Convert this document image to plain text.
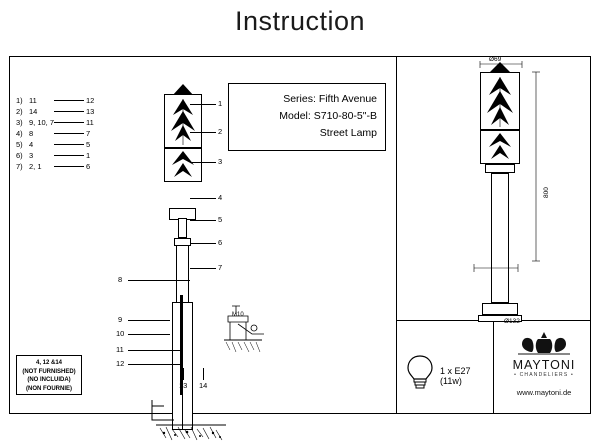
Instruction
1) 11	12
2) 14	13
3) 9, 10, 7	11
4) 8	7
5) 4	5
6) 3	1
7) 2, 1	6
Series: Fifth Avenue
Model: S710-80-5"-B
Street Lamp
1
2
3
4
5
6
7
8
9
10
11
12
13 14
4, 12 &14
(NOT FURNISHED)
(NO INCLUIDA)
(NON FOURNIE)
M10
Ø69
800
Ø132
1 x E27 (11w)
MAYTONI
• CHANDELIERS •
www.maytoni.de
